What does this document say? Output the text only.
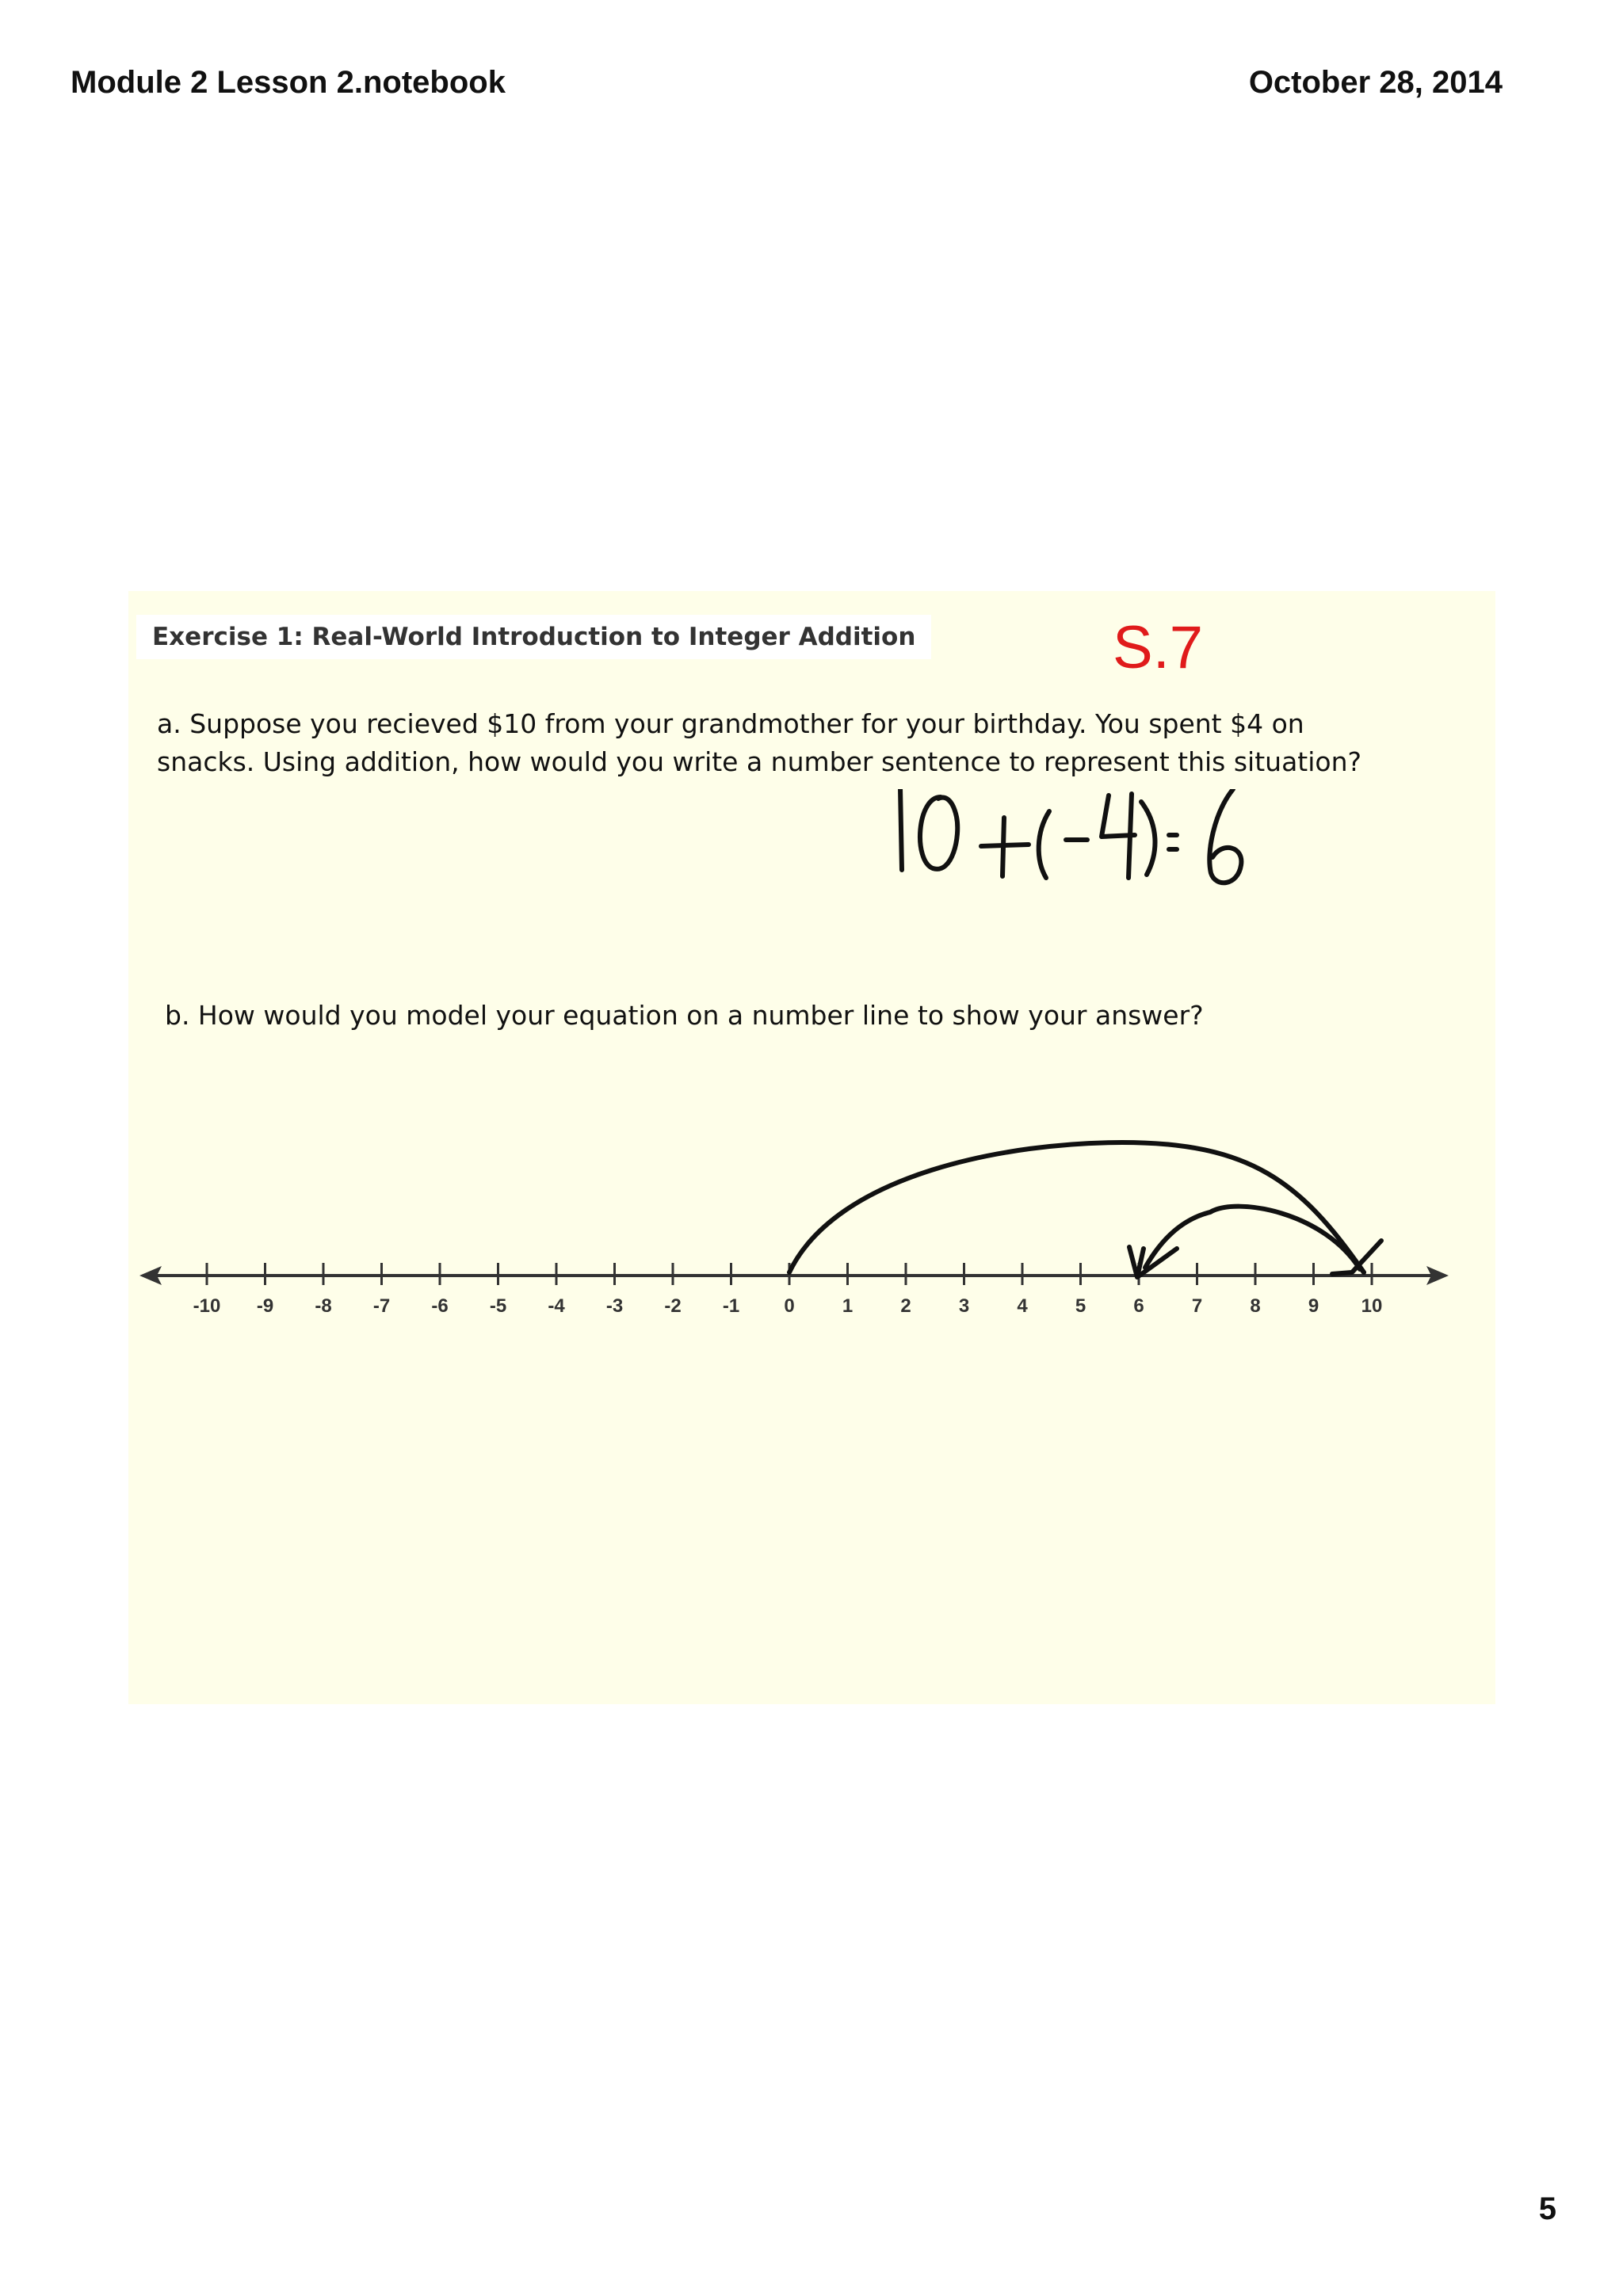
Module 2 Lesson 2.notebook	October 28, 2014
Exercise 1: Real-World Introduction to Integer Addition	S.7
a. Suppose you recieved $10 from your grandmother for your birthday. You spent $4 on
snacks. Using addition, how would you write a number sentence to represent this situation?
b. How would you model your equation on a number line to show your answer?
-10 -9 -8 -7 -6 -5 -4 -3 -2 -1 0	1	2	3	4	5	6	7	8	9 10
5
